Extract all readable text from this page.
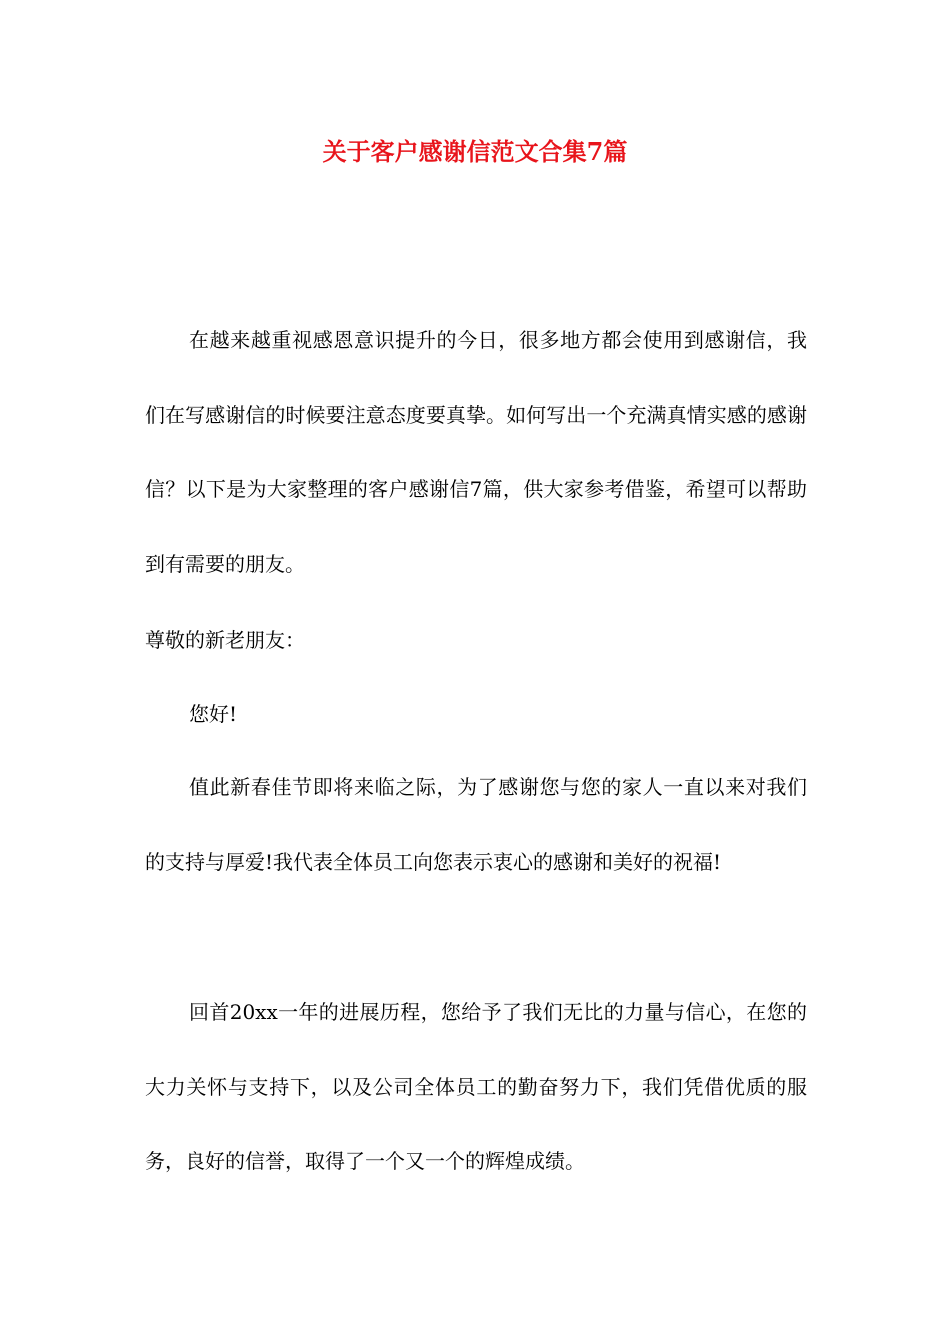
关于客户感谢信范文合集7篇

在越来越重视感恩意识提升的今日，很多地方都会使用到感谢信，我们在写感谢信的时候要注意态度要真挚。如何写出一个充满真情实感的感谢信？以下是为大家整理的客户感谢信7篇，供大家参考借鉴，希望可以帮助到有需要的朋友。

尊敬的新老朋友：

您好!

值此新春佳节即将来临之际，为了感谢您与您的家人一直以来对我们的支持与厚爱!我代表全体员工向您表示衷心的感谢和美好的祝福!

回首20xx一年的进展历程，您给予了我们无比的力量与信心，在您的大力关怀与支持下，以及公司全体员工的勤奋努力下，我们凭借优质的服务，良好的信誉，取得了一个又一个的辉煌成绩。
